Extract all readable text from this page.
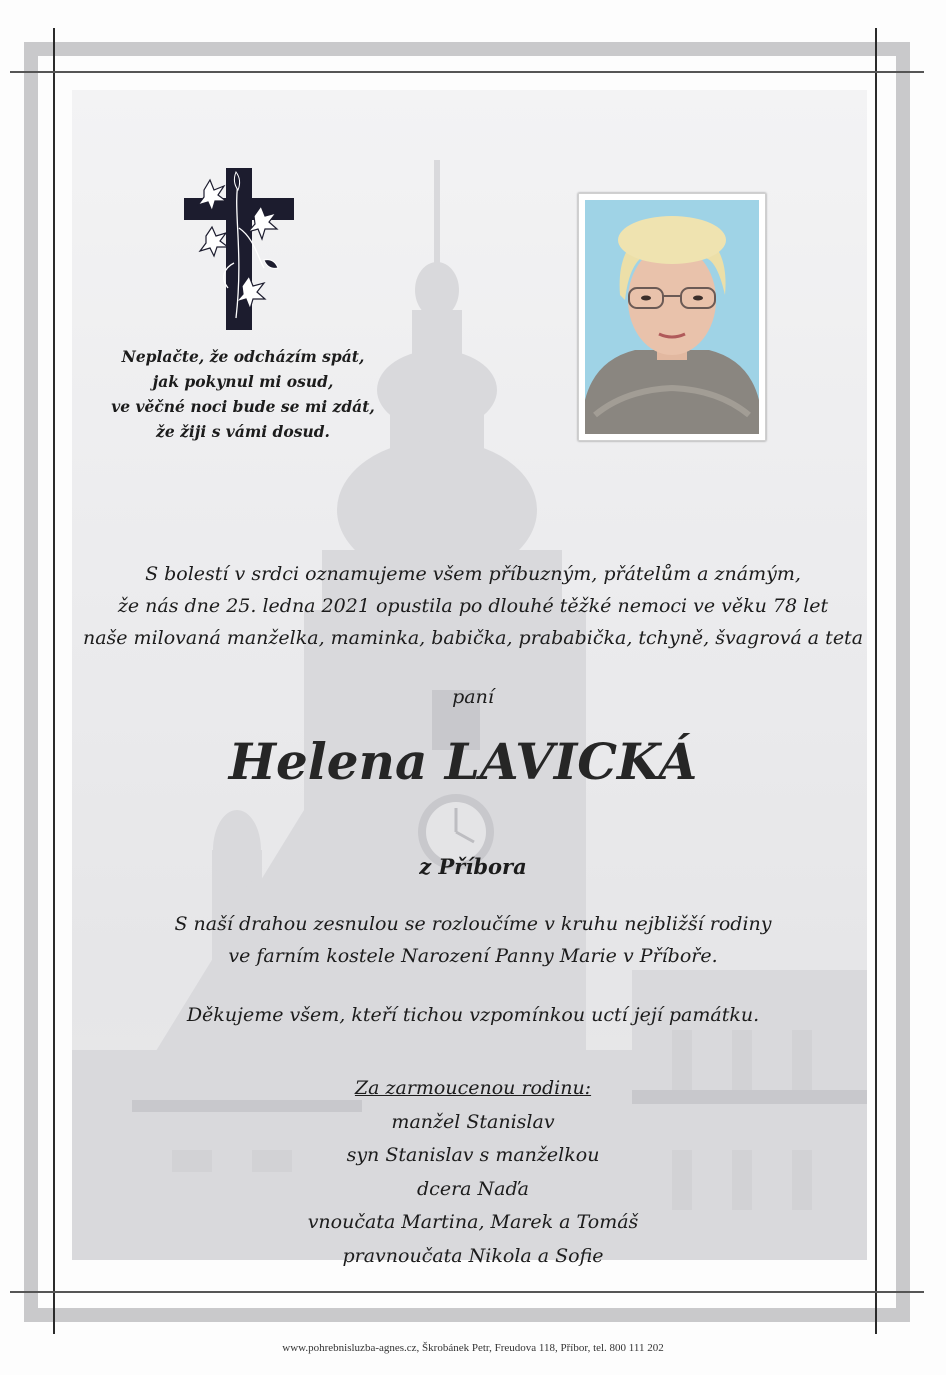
Neplačte, že odcházím spát,
jak pokynul mi osud,
ve věčné noci bude se mi zdát,
že žiji s vámi dosud.
S bolestí v srdci oznamujeme všem příbuzným, přátelům a známým,
že nás dne 25. ledna 2021 opustila po dlouhé těžké nemoci ve věku 78 let
naše milovaná manželka, maminka, babička, prababička, tchyně, švagrová a teta
paní
Helena LAVICKÁ
z Příbora
S naší drahou zesnulou se rozloučíme v kruhu nejbližší rodiny
ve farním kostele Narození Panny Marie v Příboře.
Děkujeme všem, kteří tichou vzpomínkou uctí její památku.
Za zarmoucenou rodinu:
manžel Stanislav
syn Stanislav s manželkou
dcera Naďa
vnoučata Martina, Marek a Tomáš
pravnoučata Nikola a Sofie
www.pohrebnisluzba-agnes.cz, Škrobánek Petr, Freudova 118, Příbor, tel. 800 111 202
